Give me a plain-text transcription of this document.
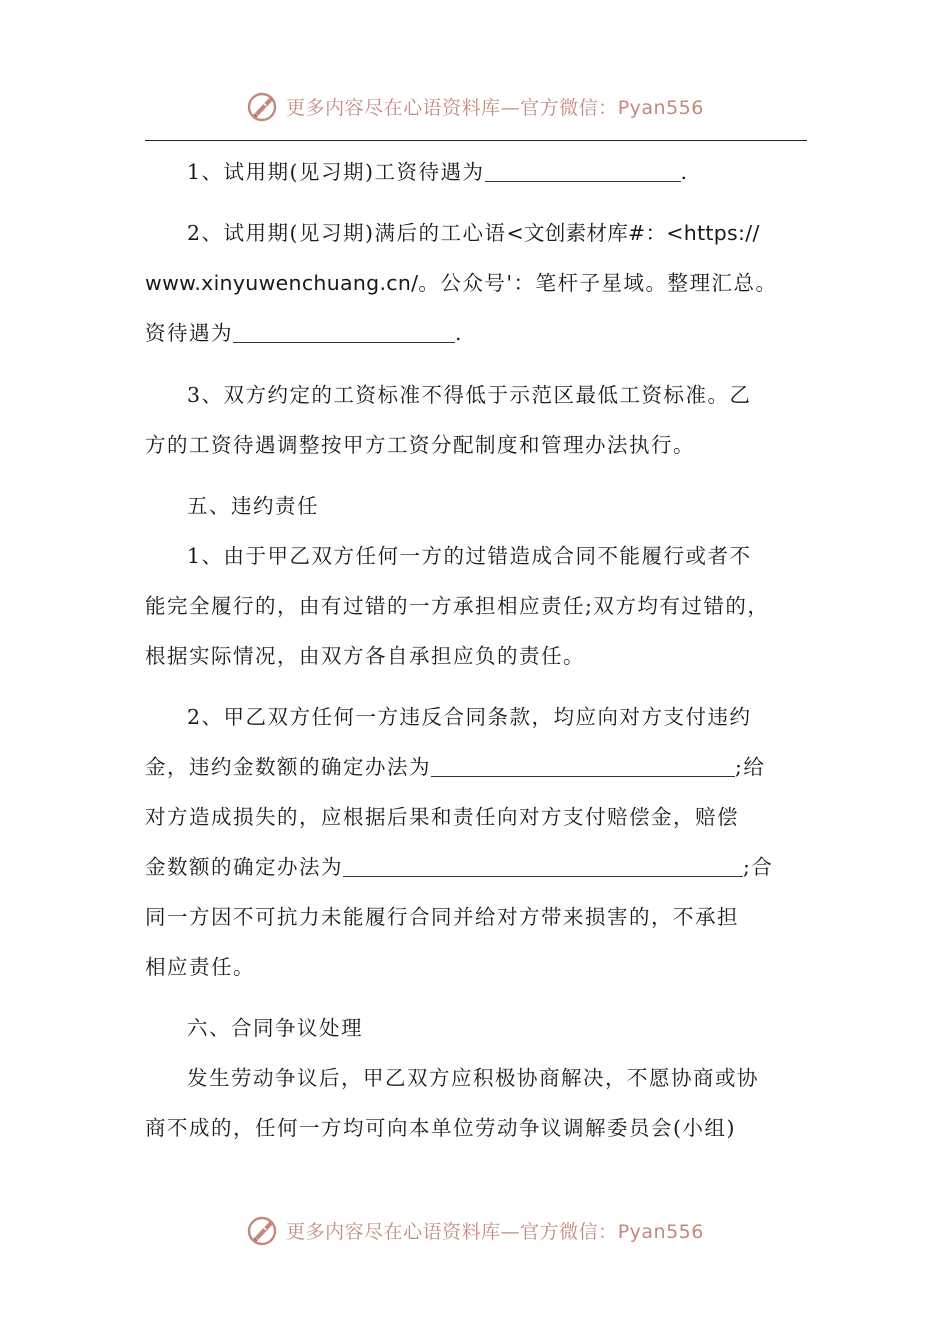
更多内容尽在心语资料库—官方微信：Pyan556

1、试用期(见习期)工资待遇为	.

2、试用期(见习期)满后的工心语<文创素材库#：<https://

www.xinyuwenchuang.cn/。公众号'：笔杆子星域。整理汇总。

资待遇为	.

3、双方约定的工资标准不得低于示范区最低工资标准。乙

方的工资待遇调整按甲方工资分配制度和管理办法执行。

五、违约责任

1、由于甲乙双方任何一方的过错造成合同不能履行或者不

能完全履行的，由有过错的一方承担相应责任;双方均有过错的，

根据实际情况，由双方各自承担应负的责任。

2、甲乙双方任何一方违反合同条款，均应向对方支付违约

金，违约金数额的确定办法为	;给

对方造成损失的，应根据后果和责任向对方支付赔偿金，赔偿

金数额的确定办法为	;合

同一方因不可抗力未能履行合同并给对方带来损害的，不承担

相应责任。

六、合同争议处理

发生劳动争议后，甲乙双方应积极协商解决，不愿协商或协

商不成的，任何一方均可向本单位劳动争议调解委员会(小组)

更多内容尽在心语资料库—官方微信：Pyan556
